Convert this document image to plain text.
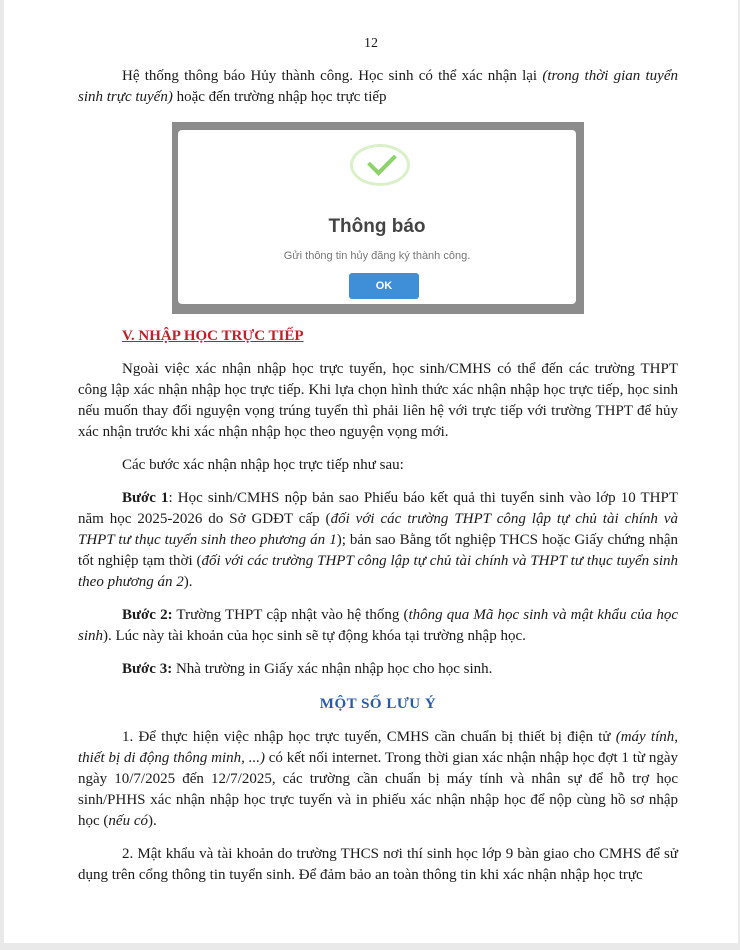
12

Hệ thống thông báo Hủy thành công. Học sinh có thể xác nhận lại (trong thời gian tuyển sinh trực tuyến) hoặc đến trường nhập học trực tiếp

Thông báo
Gửi thông tin hủy đăng ký thành công.
OK
V. NHẬP HỌC TRỰC TIẾP

Ngoài việc xác nhận nhập học trực tuyến, học sinh/CMHS có thể đến các trường THPT công lập xác nhận nhập học trực tiếp. Khi lựa chọn hình thức xác nhận nhập học trực tiếp, học sinh nếu muốn thay đổi nguyện vọng trúng tuyển thì phải liên hệ với trực tiếp với trường THPT để hủy xác nhận trước khi xác nhận nhập học theo nguyện vọng mới.

Các bước xác nhận nhập học trực tiếp như sau:

Bước 1: Học sinh/CMHS nộp bản sao Phiếu báo kết quả thi tuyển sinh vào lớp 10 THPT năm học 2025-2026 do Sở GDĐT cấp (đối với các trường THPT công lập tự chủ tài chính và THPT tư thục tuyển sinh theo phương án 1); bản sao Bằng tốt nghiệp THCS hoặc Giấy chứng nhận tốt nghiệp tạm thời (đối với các trường THPT công lập tự chủ tài chính và THPT tư thục tuyển sinh theo phương án 2).

Bước 2: Trường THPT cập nhật vào hệ thống (thông qua Mã học sinh và mật khẩu của học sinh). Lúc này tài khoản của học sinh sẽ tự động khóa tại trường nhập học.

Bước 3: Nhà trường in Giấy xác nhận nhập học cho học sinh.

MỘT SỐ LƯU Ý

1. Để thực hiện việc nhập học trực tuyến, CMHS cần chuẩn bị thiết bị điện tử (máy tính, thiết bị di động thông minh, ...) có kết nối internet. Trong thời gian xác nhận nhập học đợt 1 từ ngày ngày 10/7/2025 đến 12/7/2025, các trường cần chuẩn bị máy tính và nhân sự để hỗ trợ học sinh/PHHS xác nhận nhập học trực tuyến và in phiếu xác nhận nhập học để nộp cùng hồ sơ nhập học (nếu có).

2. Mật khẩu và tài khoản do trường THCS nơi thí sinh học lớp 9 bàn giao cho CMHS để sử dụng trên cổng thông tin tuyển sinh. Để đảm bảo an toàn thông tin khi xác nhận nhập học trực
